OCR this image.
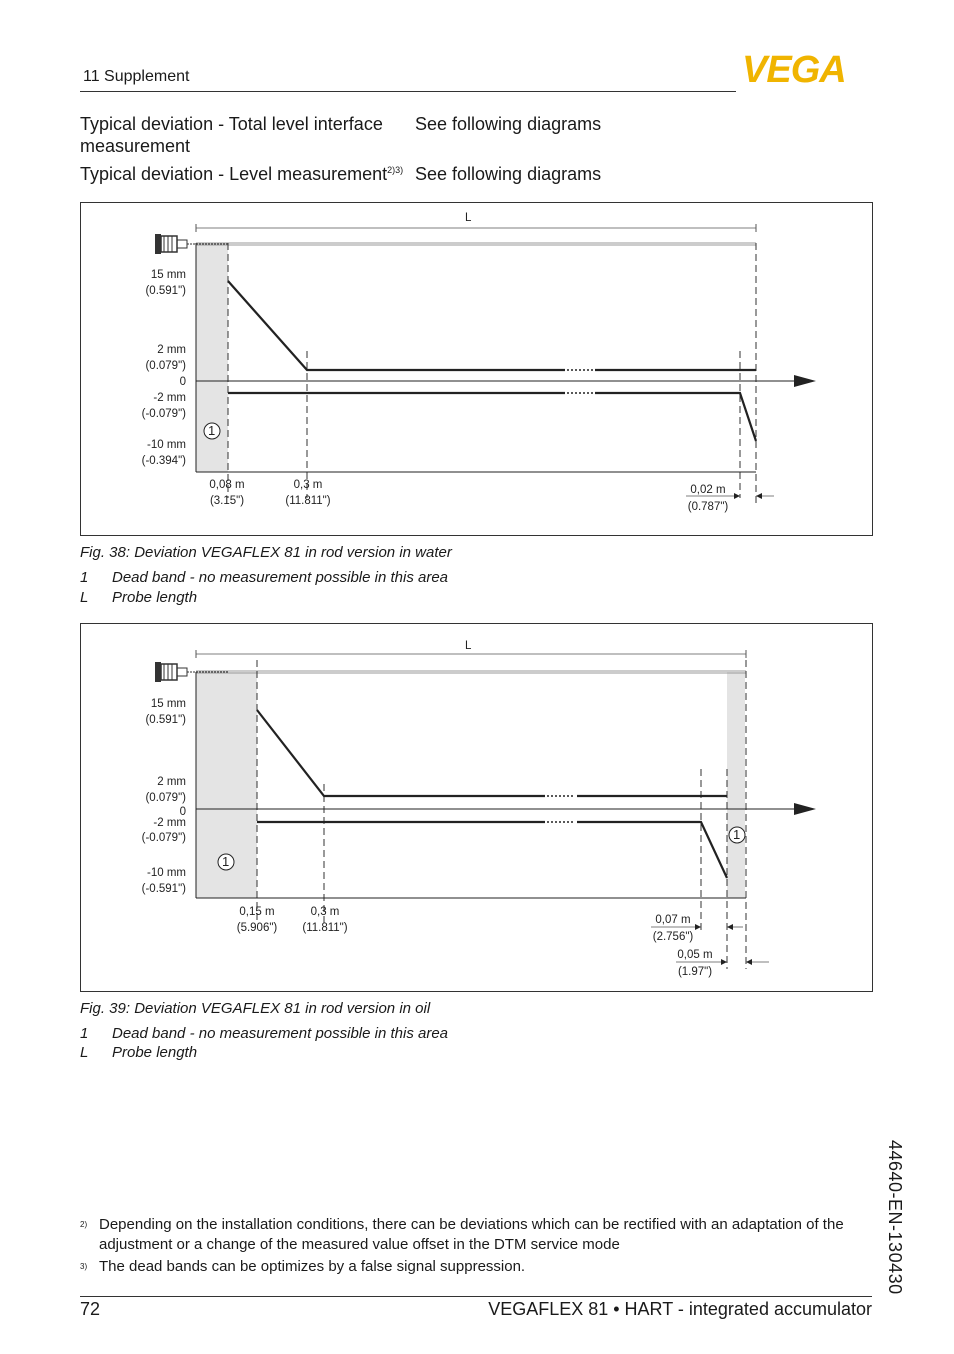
11 Supplement	VEGA
Typical deviation - Total level interface measurement
See following diagrams
Typical deviation - Level measurement$^{2)3)}$ See following diagrams
L
1
15 mm
(0.591")
2 mm
(0.079")
0
-2 mm
(-0.079")
-10 mm
(-0.394")
0,08 m
(3.15")
0,3 m
(11.811")
0,02 m
(0.787")
Fig. 38: Deviation VEGAFLEX 81 in rod version in water
1 Dead band - no measurement possible in this area
L Probe length
L
1
1
15 mm
(0.591")
2 mm
(0.079")
0
-2 mm
(-0.079")
-10 mm
(-0.591")
0,15 m
(5.906")
0,3 m
(11.811")
0,07 m
(2.756")
0,05 m
(1.97")
Fig. 39: Deviation VEGAFLEX 81 in rod version in oil
1 Dead band - no measurement possible in this area
L Probe length
44640-EN-130430
2) Depending on the installation conditions, there can be deviations which can be rectified with an adaptation of the adjustment or a change of the measured value offset in the DTM service mode
3) The dead bands can be optimizes by a false signal suppression.
72	VEGAFLEX 81 • HART - integrated accumulator
